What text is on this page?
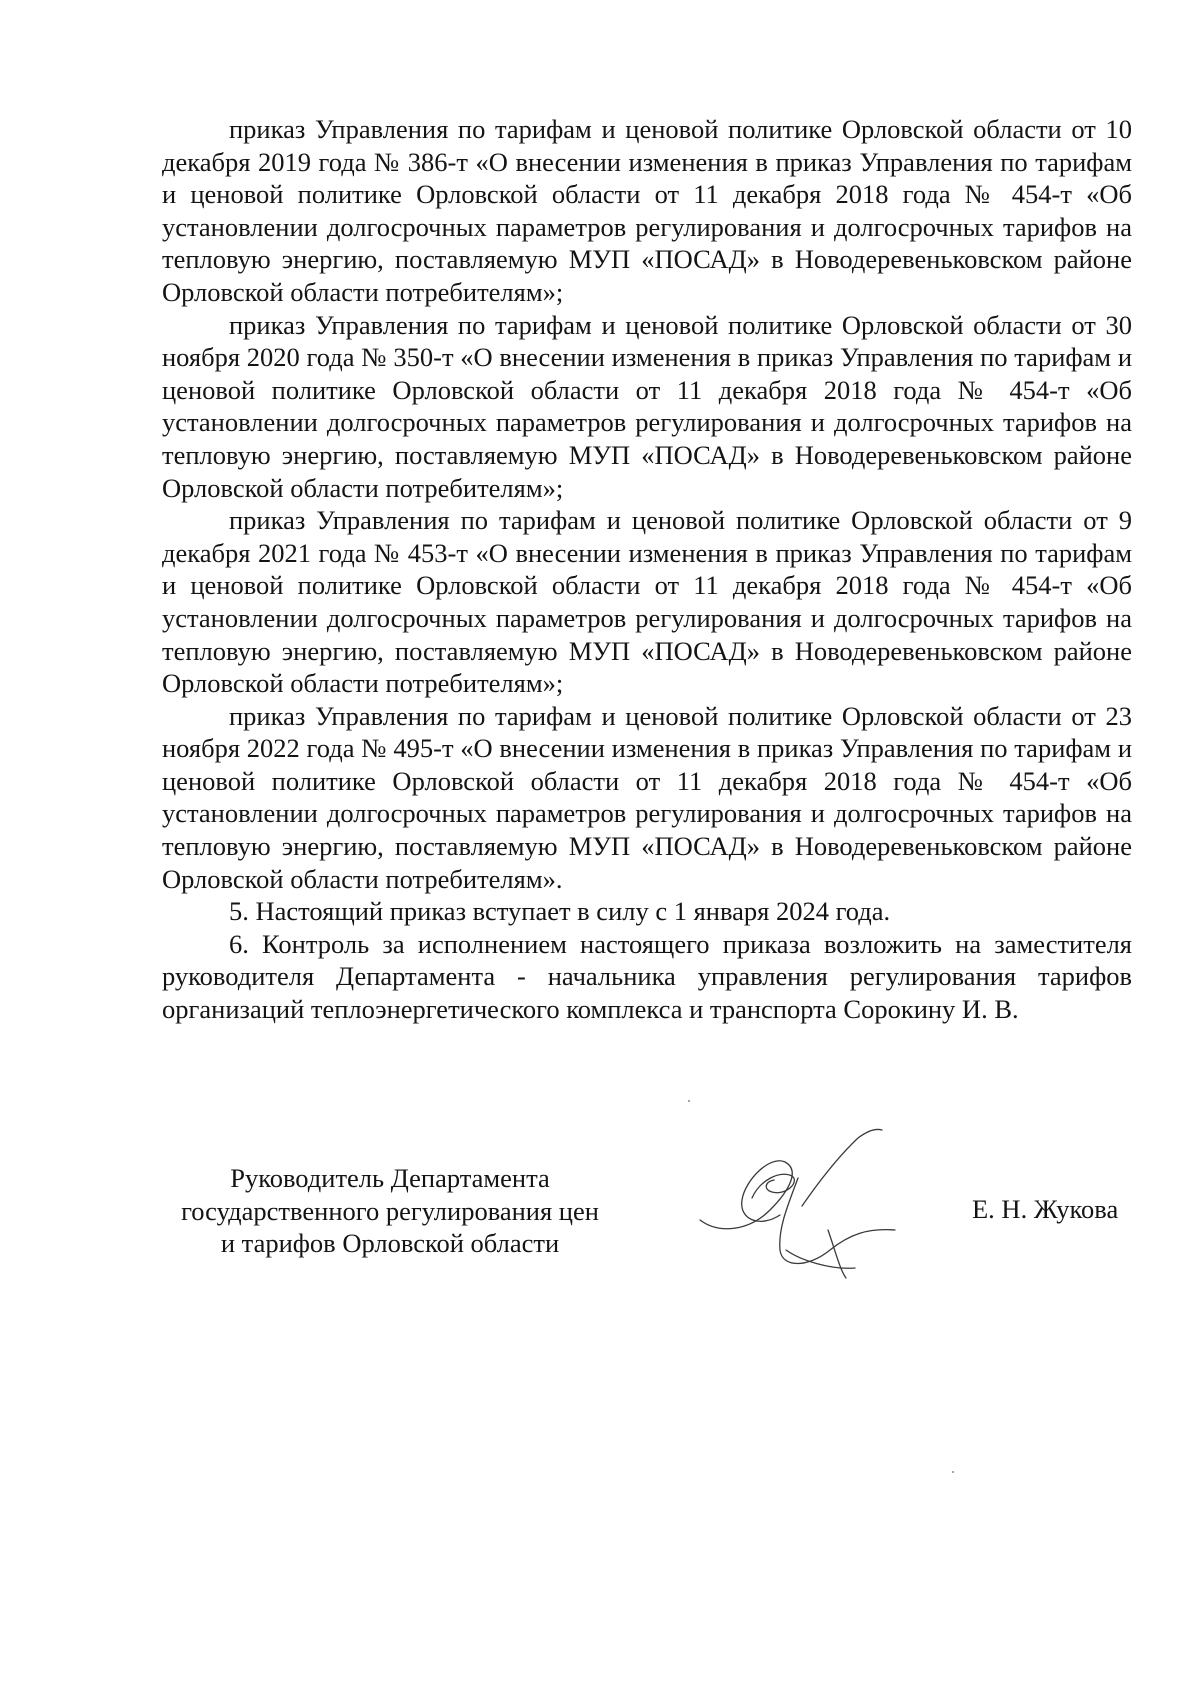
приказ Управления по тарифам и ценовой политике Орловской области от 10 декабря 2019 года № 386-т «О внесении изменения в приказ Управления по тарифам и ценовой политике Орловской области от 11 декабря 2018 года № 454-т «Об установлении долгосрочных параметров регулирования и долгосрочных тарифов на тепловую энергию, поставляемую МУП «ПОСАД» в Новодеревеньковском районе Орловской области потребителям»;

приказ Управления по тарифам и ценовой политике Орловской области от 30 ноября 2020 года № 350-т «О внесении изменения в приказ Управления по тарифам и ценовой политике Орловской области от 11 декабря 2018 года № 454-т «Об установлении долгосрочных параметров регулирования и долгосрочных тарифов на тепловую энергию, поставляемую МУП «ПОСАД» в Новодеревеньковском районе Орловской области потребителям»;

приказ Управления по тарифам и ценовой политике Орловской области от 9 декабря 2021 года № 453-т «О внесении изменения в приказ Управления по тарифам и ценовой политике Орловской области от 11 декабря 2018 года № 454-т «Об установлении долгосрочных параметров регулирования и долгосрочных тарифов на тепловую энергию, поставляемую МУП «ПОСАД» в Новодеревеньковском районе Орловской области потребителям»;

приказ Управления по тарифам и ценовой политике Орловской области от 23 ноября 2022 года № 495-т «О внесении изменения в приказ Управления по тарифам и ценовой политике Орловской области от 11 декабря 2018 года № 454-т «Об установлении долгосрочных параметров регулирования и долгосрочных тарифов на тепловую энергию, поставляемую МУП «ПОСАД» в Новодеревеньковском районе Орловской области потребителям».

5. Настоящий приказ вступает в силу с 1 января 2024 года.

6. Контроль за исполнением настоящего приказа возложить на заместителя руководителя Департамента - начальника управления регулирования тарифов организаций теплоэнергетического комплекса и транспорта Сорокину И. В.

Руководитель Департамента
государственного регулирования цен
и тарифов Орловской области
Е. Н. Жукова
